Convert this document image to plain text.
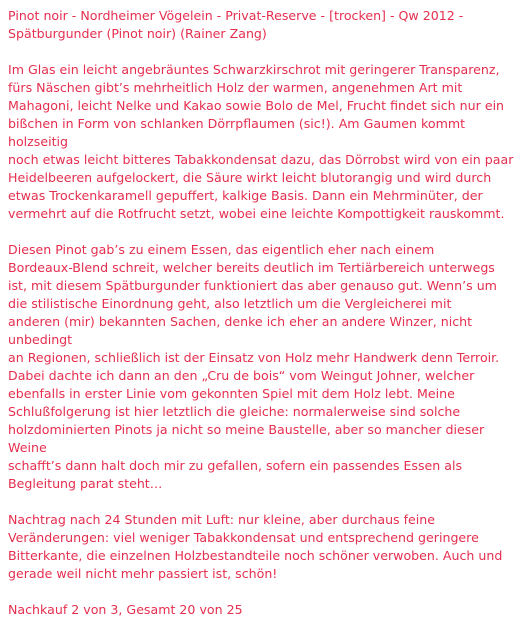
Pinot noir - Nordheimer Vögelein - Privat-Reserve - [trocken] - Qw 2012 -
Spätburgunder (Pinot noir) (Rainer Zang)

Im Glas ein leicht angebräuntes Schwarzkirschrot mit geringerer Transparenz,
fürs Näschen gibt’s mehrheitlich Holz der warmen, angenehmen Art mit
Mahagoni, leicht Nelke und Kakao sowie Bolo de Mel, Frucht findet sich nur ein
bißchen in Form von schlanken Dörrpflaumen (sic!). Am Gaumen kommt holzseitig
noch etwas leicht bitteres Tabakkondensat dazu, das Dörrobst wird von ein paar
Heidelbeeren aufgelockert, die Säure wirkt leicht blutorangig und wird durch
etwas Trockenkaramell gepuffert, kalkige Basis. Dann ein Mehrminüter, der
vermehrt auf die Rotfrucht setzt, wobei eine leichte Kompottigkeit rauskommt.

Diesen Pinot gab’s zu einem Essen, das eigentlich eher nach einem
Bordeaux-Blend schreit, welcher bereits deutlich im Tertiärbereich unterwegs
ist, mit diesem Spätburgunder funktioniert das aber genauso gut. Wenn’s um
die stilistische Einordnung geht, also letztlich um die Vergleicherei mit
anderen (mir) bekannten Sachen, denke ich eher an andere Winzer, nicht unbedingt
an Regionen, schließlich ist der Einsatz von Holz mehr Handwerk denn Terroir.
Dabei dachte ich dann an den „Cru de bois“ vom Weingut Johner, welcher
ebenfalls in erster Linie vom gekonnten Spiel mit dem Holz lebt. Meine
Schlußfolgerung ist hier letztlich die gleiche: normalerweise sind solche
holzdominierten Pinots ja nicht so meine Baustelle, aber so mancher dieser Weine
schafft’s dann halt doch mir zu gefallen, sofern ein passendes Essen als
Begleitung parat steht…

Nachtrag nach 24 Stunden mit Luft: nur kleine, aber durchaus feine
Veränderungen: viel weniger Tabakkondensat und entsprechend geringere
Bitterkante, die einzelnen Holzbestandteile noch schöner verwoben. Auch und
gerade weil nicht mehr passiert ist, schön!

Nachkauf 2 von 3, Gesamt 20 von 25
